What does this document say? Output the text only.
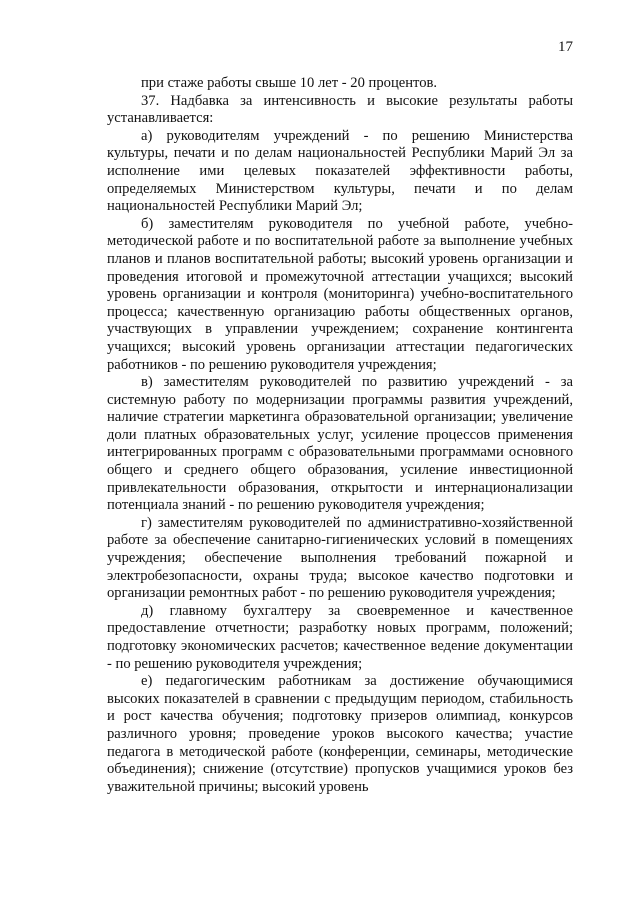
17

при стаже работы свыше 10 лет - 20 процентов.

37. Надбавка за интенсивность и высокие результаты работы устанавливается:

а) руководителям учреждений - по решению Министерства культуры, печати и по делам национальностей Республики Марий Эл за исполнение ими целевых показателей эффективности работы, определяемых Министерством культуры, печати и по делам национальностей Республики Марий Эл;

б) заместителям руководителя по учебной работе, учебно-методической работе и по воспитательной работе за выполнение учебных планов и планов воспитательной работы; высокий уровень организации и проведения итоговой и промежуточной аттестации учащихся; высокий уровень организации и контроля (мониторинга) учебно-воспитательного процесса; качественную организацию работы общественных органов, участвующих в управлении учреждением; сохранение контингента учащихся; высокий уровень организации аттестации педагогических работников - по решению руководителя учреждения;

в) заместителям руководителей по развитию учреждений - за системную работу по модернизации программы развития учреждений, наличие стратегии маркетинга образовательной организации; увеличение доли платных образовательных услуг, усиление процессов применения интегрированных программ с образовательными программами основного общего и среднего общего образования, усиление инвестиционной привлекательности образования, открытости и интернационализации потенциала знаний - по решению руководителя учреждения;

г) заместителям руководителей по административно-хозяйственной работе за обеспечение санитарно-гигиенических условий в помещениях учреждения; обеспечение выполнения требований пожарной и электробезопасности, охраны труда; высокое качество подготовки и организации ремонтных работ - по решению руководителя учреждения;

д) главному бухгалтеру за своевременное и качественное предоставление отчетности; разработку новых программ, положений; подготовку экономических расчетов; качественное ведение документации - по решению руководителя учреждения;

е) педагогическим работникам за достижение обучающимися высоких показателей в сравнении с предыдущим периодом, стабильность и рост качества обучения; подготовку призеров олимпиад, конкурсов различного уровня; проведение уроков высокого качества; участие педагога в методической работе (конференции, семинары, методические объединения); снижение (отсутствие) пропусков учащимися уроков без уважительной причины; высокий уровень
